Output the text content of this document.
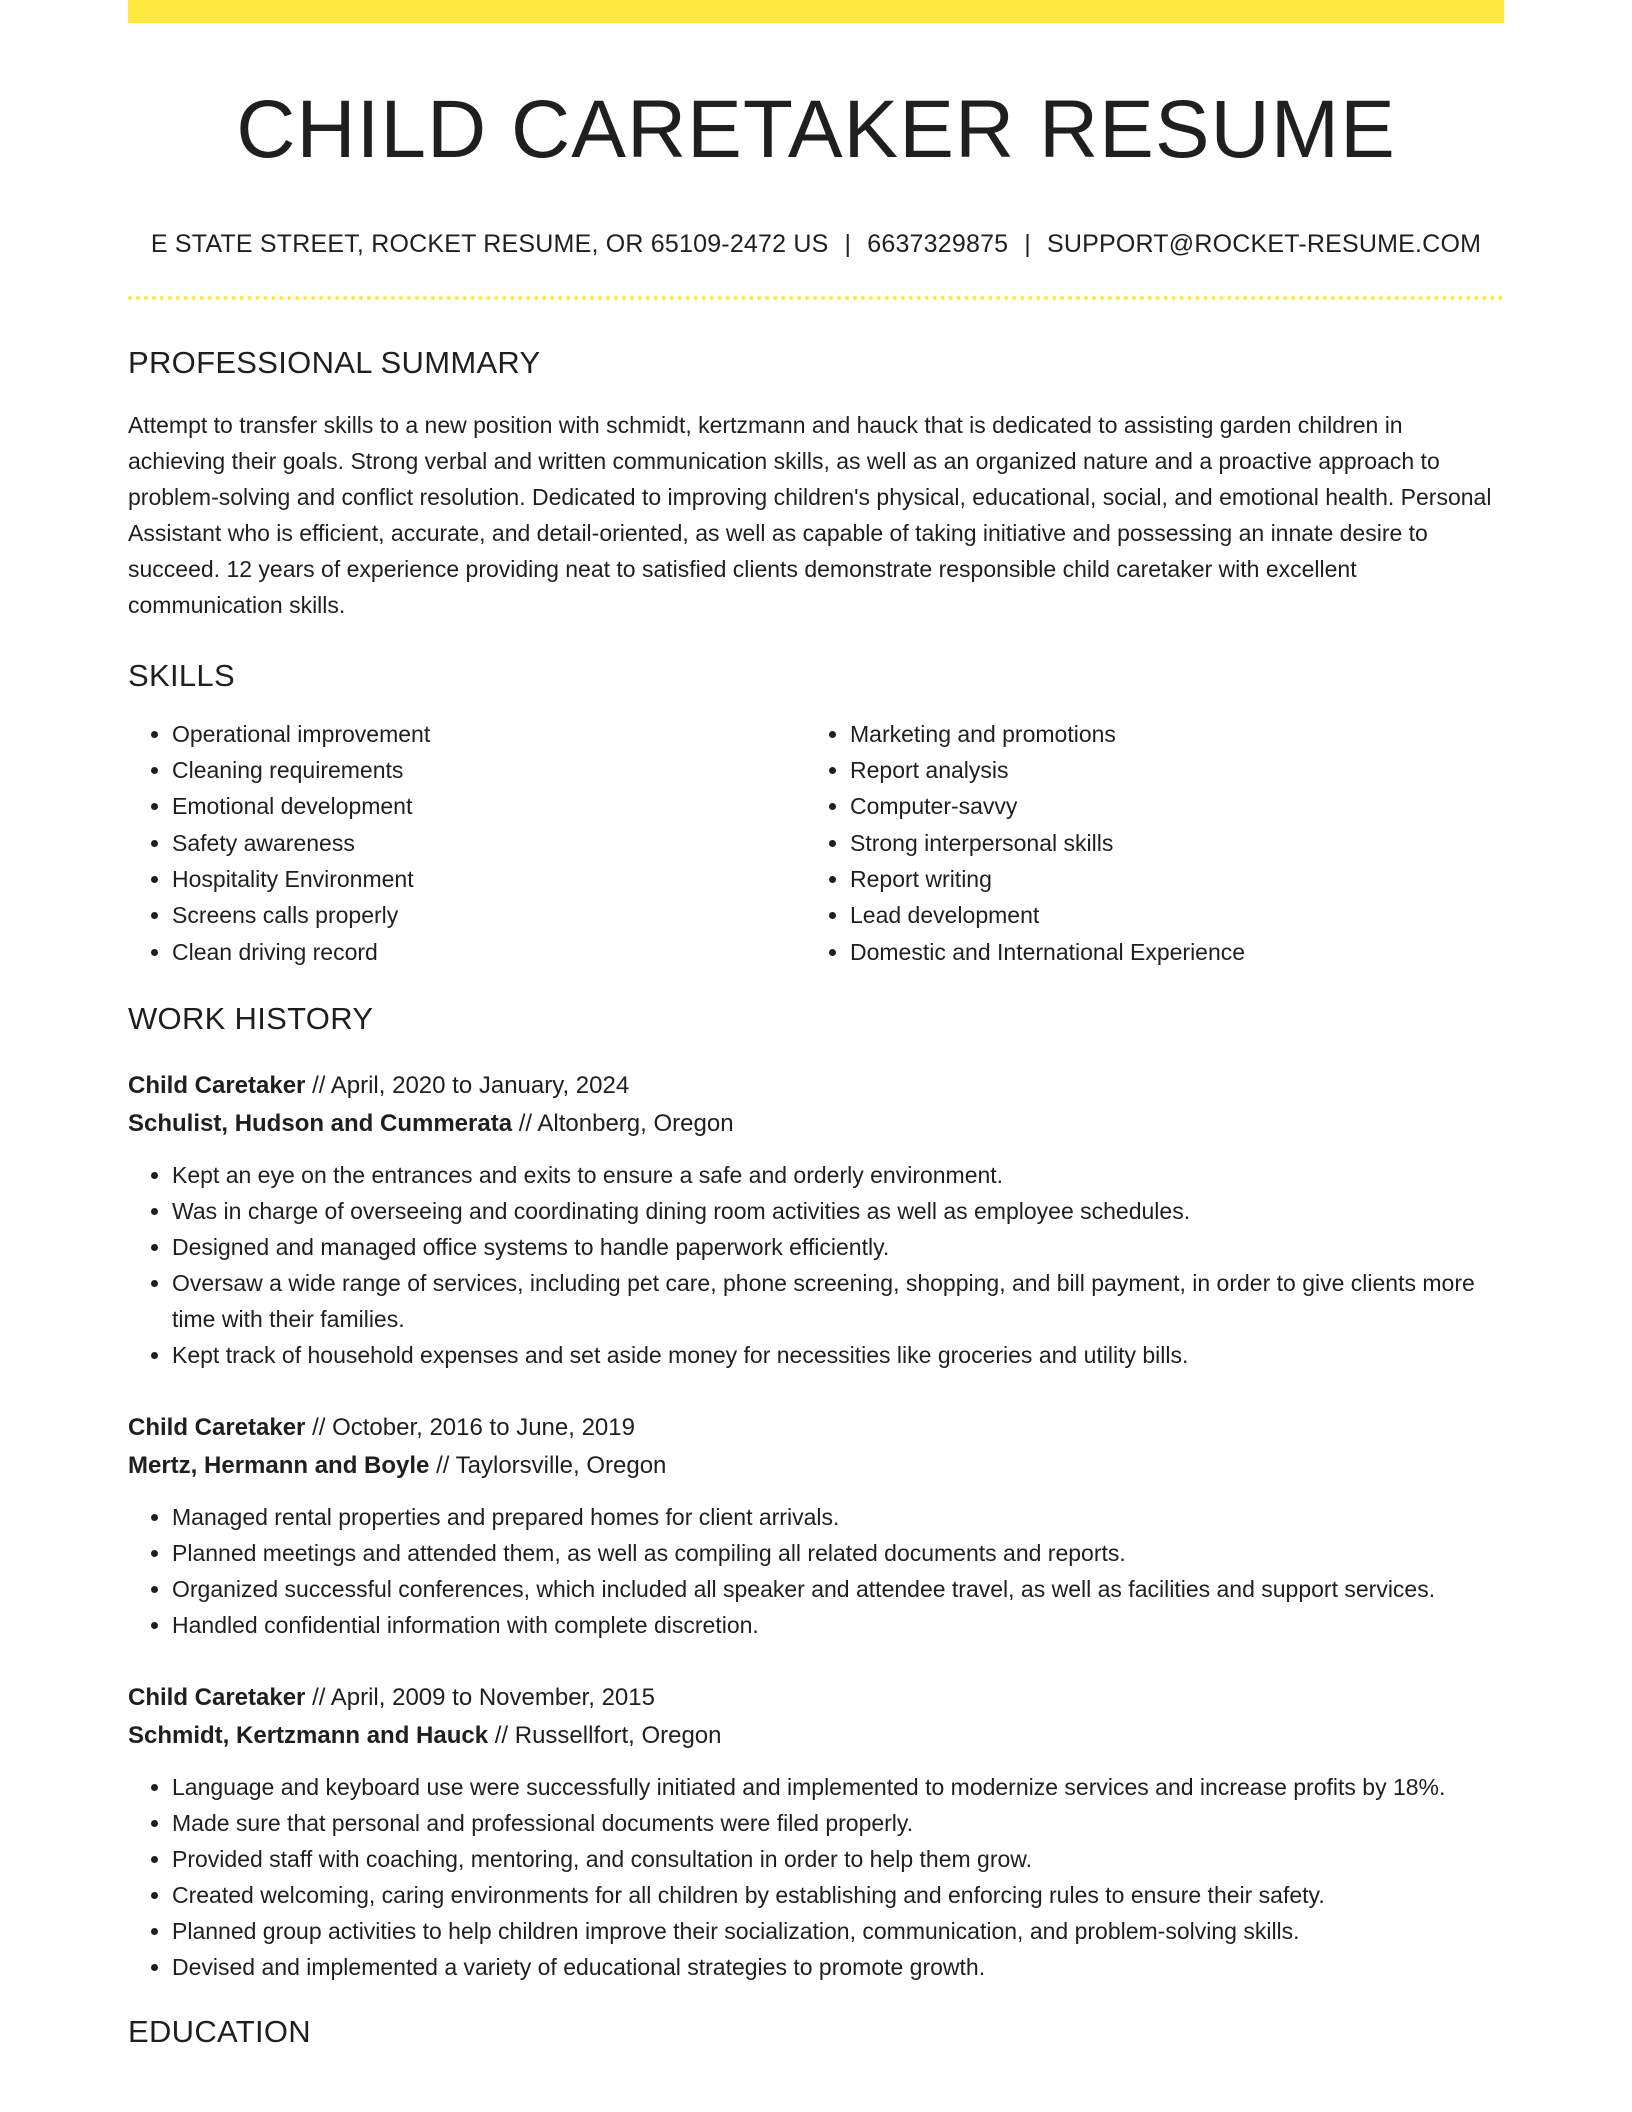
CHILD CARETAKER RESUME
E STATE STREET, ROCKET RESUME, OR 65109-2472 US | 6637329875 | SUPPORT@ROCKET-RESUME.COM
PROFESSIONAL SUMMARY
Attempt to transfer skills to a new position with schmidt, kertzmann and hauck that is dedicated to assisting garden children in achieving their goals. Strong verbal and written communication skills, as well as an organized nature and a proactive approach to problem-solving and conflict resolution. Dedicated to improving children's physical, educational, social, and emotional health. Personal Assistant who is efficient, accurate, and detail-oriented, as well as capable of taking initiative and possessing an innate desire to succeed. 12 years of experience providing neat to satisfied clients demonstrate responsible child caretaker with excellent communication skills.
SKILLS
• Operational improvement
• Cleaning requirements
• Emotional development
• Safety awareness
• Hospitality Environment
• Screens calls properly
• Clean driving record
• Marketing and promotions
• Report analysis
• Computer-savvy
• Strong interpersonal skills
• Report writing
• Lead development
• Domestic and International Experience
WORK HISTORY
Child Caretaker // April, 2020 to January, 2024
Schulist, Hudson and Cummerata // Altonberg, Oregon
• Kept an eye on the entrances and exits to ensure a safe and orderly environment.
• Was in charge of overseeing and coordinating dining room activities as well as employee schedules.
• Designed and managed office systems to handle paperwork efficiently.
• Oversaw a wide range of services, including pet care, phone screening, shopping, and bill payment, in order to give clients more time with their families.
• Kept track of household expenses and set aside money for necessities like groceries and utility bills.
Child Caretaker // October, 2016 to June, 2019
Mertz, Hermann and Boyle // Taylorsville, Oregon
• Managed rental properties and prepared homes for client arrivals.
• Planned meetings and attended them, as well as compiling all related documents and reports.
• Organized successful conferences, which included all speaker and attendee travel, as well as facilities and support services.
• Handled confidential information with complete discretion.
Child Caretaker // April, 2009 to November, 2015
Schmidt, Kertzmann and Hauck // Russellfort, Oregon
• Language and keyboard use were successfully initiated and implemented to modernize services and increase profits by 18%.
• Made sure that personal and professional documents were filed properly.
• Provided staff with coaching, mentoring, and consultation in order to help them grow.
• Created welcoming, caring environments for all children by establishing and enforcing rules to ensure their safety.
• Planned group activities to help children improve their socialization, communication, and problem-solving skills.
• Devised and implemented a variety of educational strategies to promote growth.
EDUCATION
